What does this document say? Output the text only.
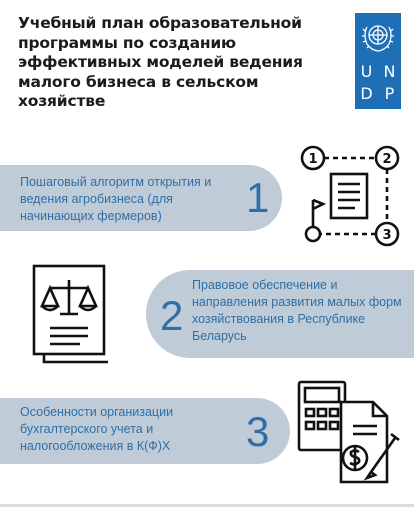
Учебный план образовательной программы по созданию эффективных моделей ведения малого бизнеса в сельском хозяйстве
U N
D P
Пошаговый алгоритм открытия и ведения агробизнеса (для начинающих фермеров)	1
1	2
3
2
Правовое обеспечение и направления развития малых форм хозяйствования в Республике Беларусь
Особенности организации бухгалтерского учета и налогообложения в К(Ф)Х	3
